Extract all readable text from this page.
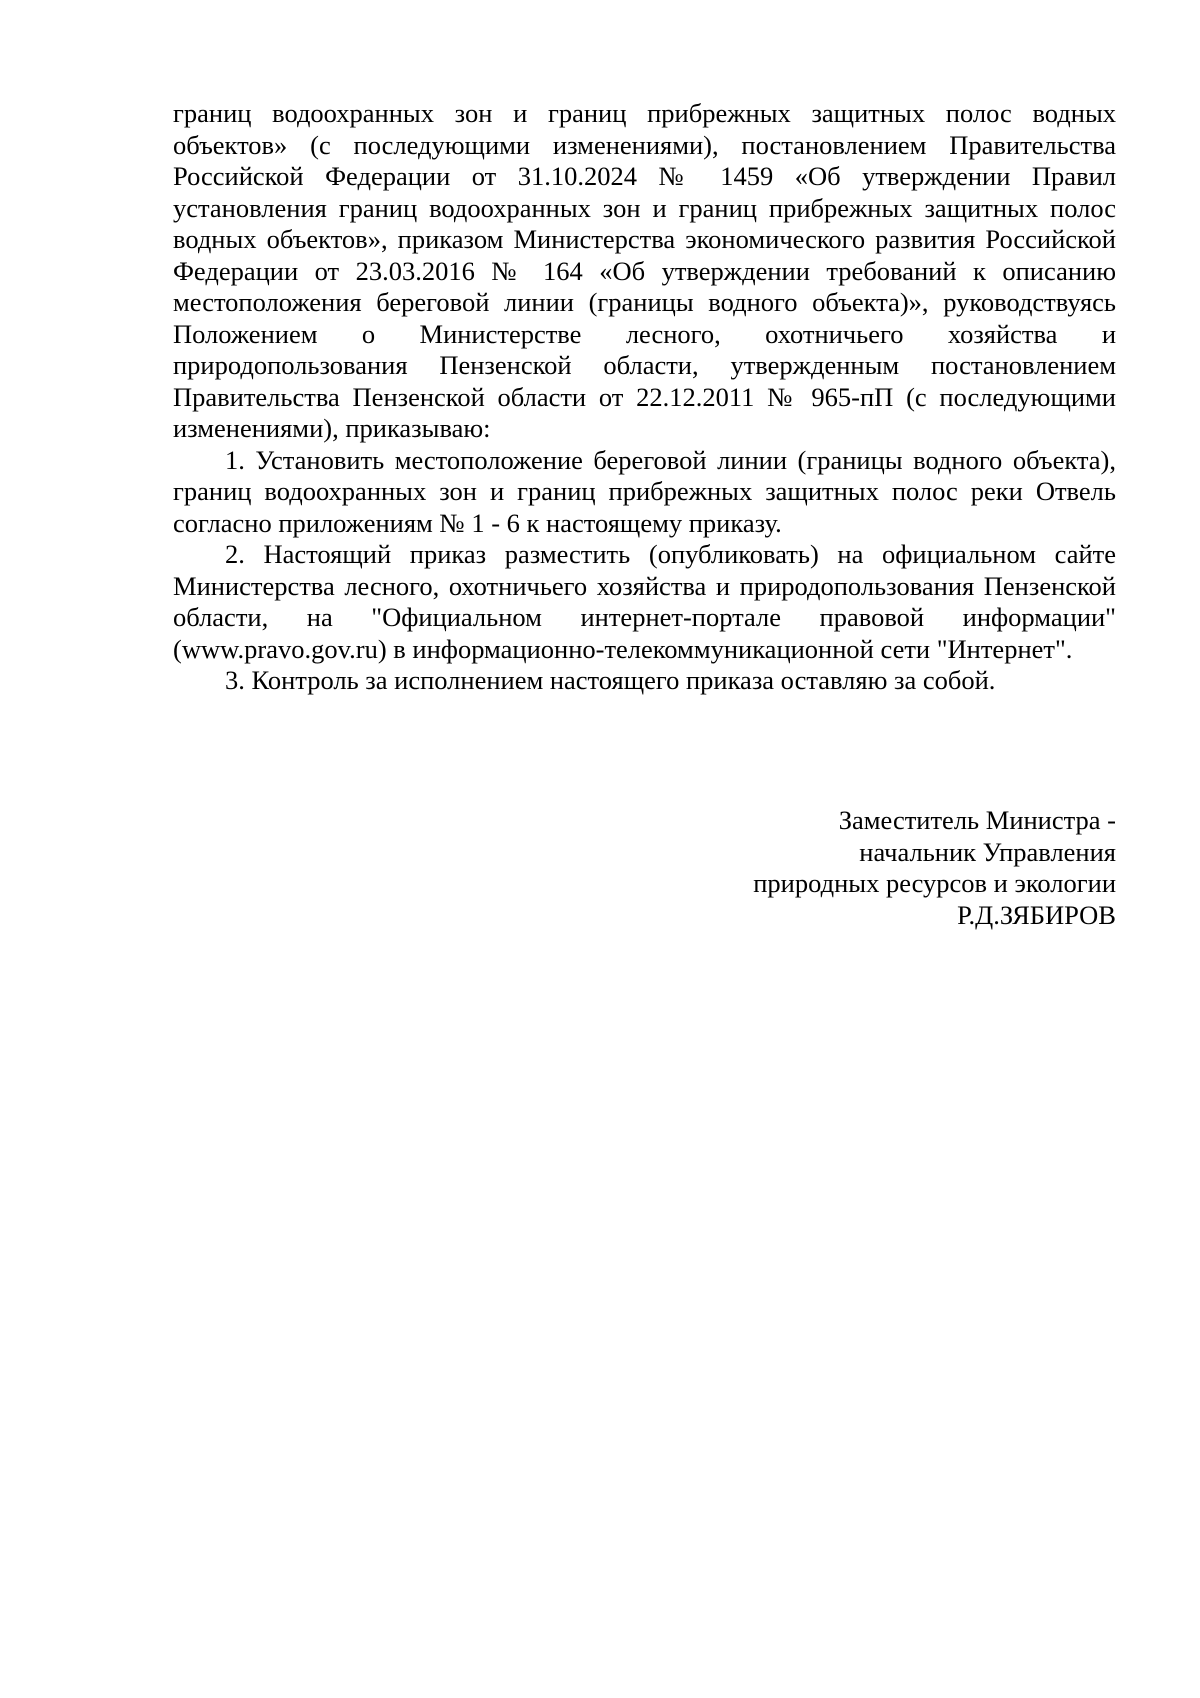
границ водоохранных зон и границ прибрежных защитных полос водных объектов» (с последующими изменениями), постановлением Правительства Российской Федерации от 31.10.2024 № 1459 «Об утверждении Правил установления границ водоохранных зон и границ прибрежных защитных полос водных объектов», приказом Министерства экономического развития Российской Федерации от 23.03.2016 № 164 «Об утверждении требований к описанию местоположения береговой линии (границы водного объекта)», руководствуясь Положением о Министерстве лесного, охотничьего хозяйства и природопользования Пензенской области, утвержденным постановлением Правительства Пензенской области от 22.12.2011 № 965-пП (с последующими изменениями), приказываю:

1. Установить местоположение береговой линии (границы водного объекта), границ водоохранных зон и границ прибрежных защитных полос реки Отвель согласно приложениям № 1 - 6 к настоящему приказу.

2. Настоящий приказ разместить (опубликовать) на официальном сайте Министерства лесного, охотничьего хозяйства и природопользования Пензенской области, на "Официальном интернет-портале правовой информации" (www.pravo.gov.ru) в информационно-телекоммуникационной сети "Интернет".

3. Контроль за исполнением настоящего приказа оставляю за собой.

Заместитель Министра -
начальник Управления
природных ресурсов и экологии
Р.Д.ЗЯБИРОВ
